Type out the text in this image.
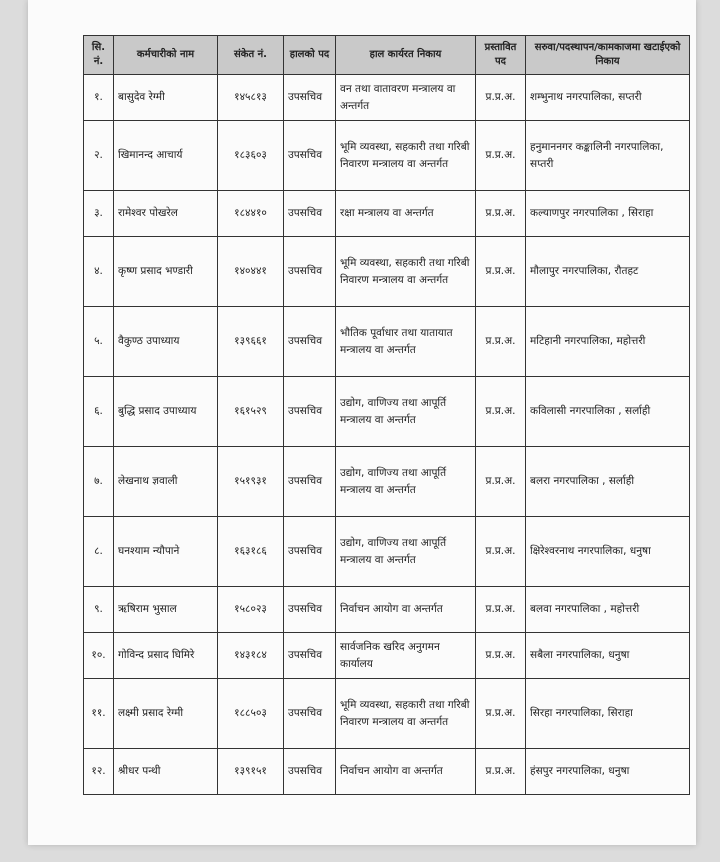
सि. नं.	कर्मचारीको नाम	संकेत नं.	हालको पद	हाल कार्यरत निकाय	प्रस्तावित पद	सरुवा/पदस्थापन/कामकाजमा खटाईएको निकाय
१.	बासुदेव रेग्मी	१४५८१३	उपसचिव	वन तथा वातावरण मन्त्रालय वा अन्तर्गत	प्र.प्र.अ.	शम्भुनाथ नगरपालिका, सप्तरी
२.	खिमानन्द आचार्य	१८३६०३	उपसचिव	भूमि व्यवस्था, सहकारी तथा गरिबी निवारण मन्त्रालय वा अन्तर्गत	प्र.प्र.अ.	हनुमाननगर कङ्कालिनी नगरपालिका, सप्तरी
३.	रामेश्वर पोखरेल	१८४४१०	उपसचिव	रक्षा मन्त्रालय वा अन्तर्गत	प्र.प्र.अ.	कल्याणपुर नगरपालिका , सिराहा
४.	कृष्ण प्रसाद भण्डारी	१४०४४१	उपसचिव	भूमि व्यवस्था, सहकारी तथा गरिबी निवारण मन्त्रालय वा अन्तर्गत	प्र.प्र.अ.	मौलापुर नगरपालिका, रौतहट
५.	वैकुण्ठ उपाध्याय	१३९६६१	उपसचिव	भौतिक पूर्वाधार तथा यातायात मन्त्रालय वा अन्तर्गत	प्र.प्र.अ.	मटिहानी नगरपालिका, महोत्तरी
६.	बुद्धि प्रसाद उपाध्याय	१६१५२९	उपसचिव	उद्योग, वाणिज्य तथा आपूर्ति मन्त्रालय वा अन्तर्गत	प्र.प्र.अ.	कविलासी नगरपालिका , सर्लाही
७.	लेखनाथ ज्ञवाली	१५१९३१	उपसचिव	उद्योग, वाणिज्य तथा आपूर्ति मन्त्रालय वा अन्तर्गत	प्र.प्र.अ.	बलरा नगरपालिका , सर्लाही
८.	घनश्याम न्यौपाने	१६३१८६	उपसचिव	उद्योग, वाणिज्य तथा आपूर्ति मन्त्रालय वा अन्तर्गत	प्र.प्र.अ.	क्षिरेश्वरनाथ नगरपालिका, धनुषा
९.	ऋषिराम भुसाल	१५८०२३	उपसचिव	निर्वाचन आयोग वा अन्तर्गत	प्र.प्र.अ.	बलवा नगरपालिका , महोत्तरी
१०.	गोविन्द प्रसाद घिमिरे	१४३१८४	उपसचिव	सार्वजनिक खरिद अनुगमन कार्यालय	प्र.प्र.अ.	सबैला नगरपालिका, धनुषा
११.	लक्ष्मी प्रसाद रेग्मी	१८८५०३	उपसचिव	भूमि व्यवस्था, सहकारी तथा गरिबी निवारण मन्त्रालय वा अन्तर्गत	प्र.प्र.अ.	सिरहा नगरपालिका, सिराहा
१२.	श्रीधर पन्थी	१३९१५१	उपसचिव	निर्वाचन आयोग वा अन्तर्गत	प्र.प्र.अ.	हंसपुर नगरपालिका, धनुषा
